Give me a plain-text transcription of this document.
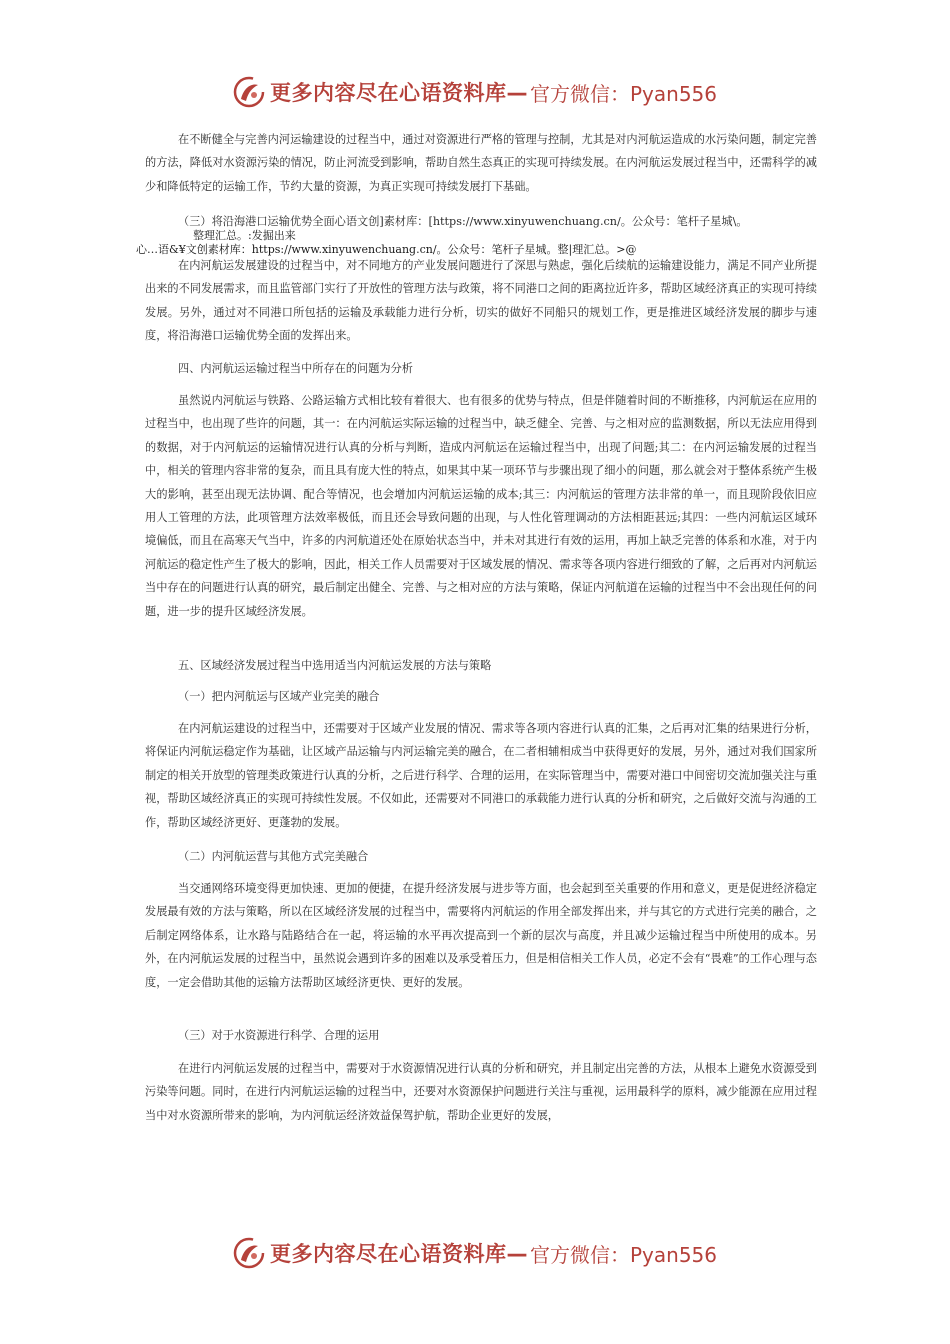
更多内容尽在心语资料库— 官方微信：Pyan556

在不断健全与完善内河运输建设的过程当中，通过对资源进行严格的管理与控制，尤其是对内河航运造成的水污染问题，制定完善的方法，降低对水资源污染的情况，防止河流受到影响，帮助自然生态真正的实现可持续发展。在内河航运发展过程当中，还需科学的减少和降低特定的运输工作，节约大量的资源，为真正实现可持续发展打下基础。

（三）将沿海港口运输优势全面心语文创]素材库：[https://www.xinyuwenchuang.cn/。公众号：笔杆子星城\。

整理汇总。:发掘出来

心…语&¥文创素材库：https://www.xinyuwenchuang.cn/。公众号：笔杆子星城。整|理汇总。>@

在内河航运发展建设的过程当中，对不同地方的产业发展问题进行了深思与熟虑，强化后续航的运输建设能力，满足不同产业所提出来的不同发展需求，而且监管部门实行了开放性的管理方法与政策，将不同港口之间的距离拉近许多，帮助区域经济真正的实现可持续发展。另外，通过对不同港口所包括的运输及承载能力进行分析，切实的做好不同船只的规划工作，更是推进区域经济发展的脚步与速度，将沿海港口运输优势全面的发挥出来。

四、内河航运运输过程当中所存在的问题为分析

虽然说内河航运与铁路、公路运输方式相比较有着很大、也有很多的优势与特点，但是伴随着时间的不断推移，内河航运在应用的过程当中，也出现了些许的问题，其一：在内河航运实际运输的过程当中，缺乏健全、完善、与之相对应的监测数据，所以无法应用得到的数据，对于内河航运的运输情况进行认真的分析与判断，造成内河航运在运输过程当中，出现了问题;其二：在内河运输发展的过程当中，相关的管理内容非常的复杂，而且具有庞大性的特点，如果其中某一项环节与步骤出现了细小的问题，那么就会对于整体系统产生极大的影响，甚至出现无法协调、配合等情况，也会增加内河航运运输的成本;其三：内河航运的管理方法非常的单一，而且现阶段依旧应用人工管理的方法，此项管理方法效率极低，而且还会导致问题的出现，与人性化管理调动的方法相距甚远;其四：一些内河航运区域环境偏低，而且在高寒天气当中，许多的内河航道还处在原始状态当中，并未对其进行有效的运用，再加上缺乏完善的体系和水准，对于内河航运的稳定性产生了极大的影响，因此，相关工作人员需要对于区域发展的情况、需求等各项内容进行细致的了解，之后再对内河航运当中存在的问题进行认真的研究，最后制定出健全、完善、与之相对应的方法与策略，保证内河航道在运输的过程当中不会出现任何的问题，进一步的提升区域经济发展。

五、区域经济发展过程当中选用适当内河航运发展的方法与策略

（一）把内河航运与区域产业完美的融合

在内河航运建设的过程当中，还需要对于区域产业发展的情况、需求等各项内容进行认真的汇集，之后再对汇集的结果进行分析，将保证内河航运稳定作为基础，让区域产品运输与内河运输完美的融合，在二者相辅相成当中获得更好的发展，另外，通过对我们国家所制定的相关开放型的管理类政策进行认真的分析，之后进行科学、合理的运用，在实际管理当中，需要对港口中间密切交流加强关注与重视，帮助区域经济真正的实现可持续性发展。不仅如此，还需要对不同港口的承载能力进行认真的分析和研究，之后做好交流与沟通的工作，帮助区域经济更好、更蓬勃的发展。

（二）内河航运营与其他方式完美融合

当交通网络环境变得更加快速、更加的便捷，在提升经济发展与进步等方面，也会起到至关重要的作用和意义，更是促进经济稳定发展最有效的方法与策略，所以在区域经济发展的过程当中，需要将内河航运的作用全部发挥出来，并与其它的方式进行完美的融合，之后制定网络体系，让水路与陆路结合在一起，将运输的水平再次提高到一个新的层次与高度，并且减少运输过程当中所使用的成本。另外，在内河航运发展的过程当中，虽然说会遇到许多的困难以及承受着压力，但是相信相关工作人员，必定不会有“畏难”的工作心理与态度，一定会借助其他的运输方法帮助区域经济更快、更好的发展。

（三）对于水资源进行科学、合理的运用

在进行内河航运发展的过程当中，需要对于水资源情况进行认真的分析和研究，并且制定出完善的方法，从根本上避免水资源受到污染等问题。同时，在进行内河航运运输的过程当中，还要对水资源保护问题进行关注与重视，运用最科学的原料，减少能源在应用过程当中对水资源所带来的影响，为内河航运经济效益保驾护航，帮助企业更好的发展，

更多内容尽在心语资料库— 官方微信：Pyan556
